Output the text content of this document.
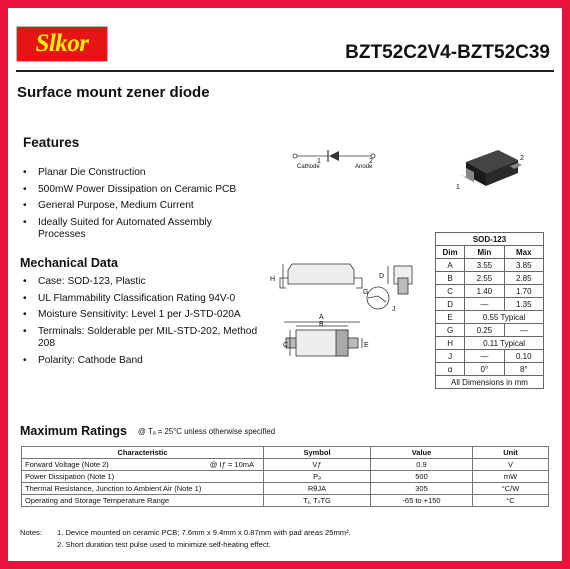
Slkor	BZT52C2V4-BZT52C39
Surface mount zener diode
Features
• Planar Die Construction
• 500mW Power Dissipation on Ceramic PCB
• General Purpose, Medium Current
• Ideally Suited for Automated Assembly Processes
Mechanical Data
• Case: SOD-123, Plastic
• UL Flammability Classification Rating 94V-0
• Moisture Sensitivity: Level 1 per J-STD-020A
• Terminals: Solderable per MIL-STD-202, Method 208
• Polarity: Cathode Band
1	2
Cathode	Anode
1
2
H	D
G
J
A
B
C	E
SOD-123		
Dim	Min	Max
A	3.55	3.85
B	2.55	2.85
C	1.40	1.70
D	—	1.35
E	0.55 Typical	
G	0.25	—
H	0.11 Typical	
J	—	0.10
α	0°	8°
All Dimensions in mm		
Maximum Ratings @ Tₐ = 25°C unless otherwise specified
Characteristic	Symbol	Value	Unit
Forward Voltage (Note 2) @ Iƒ = 10mA	Vƒ	0.9	V
Power Dissipation (Note 1)	Pₔ	500	mW
Thermal Resistance, Junction to Ambient Air (Note 1)	RθJA	305	°C/W
Operating and Storage Temperature Range	Tⱼ, TₛTG	-65 to +150	°C
Notes: 1. Device mounted on ceramic PCB; 7.6mm x 9.4mm x 0.87mm with pad areas 25mm².
2. Short duration test pulse used to minimize self-heating effect.
